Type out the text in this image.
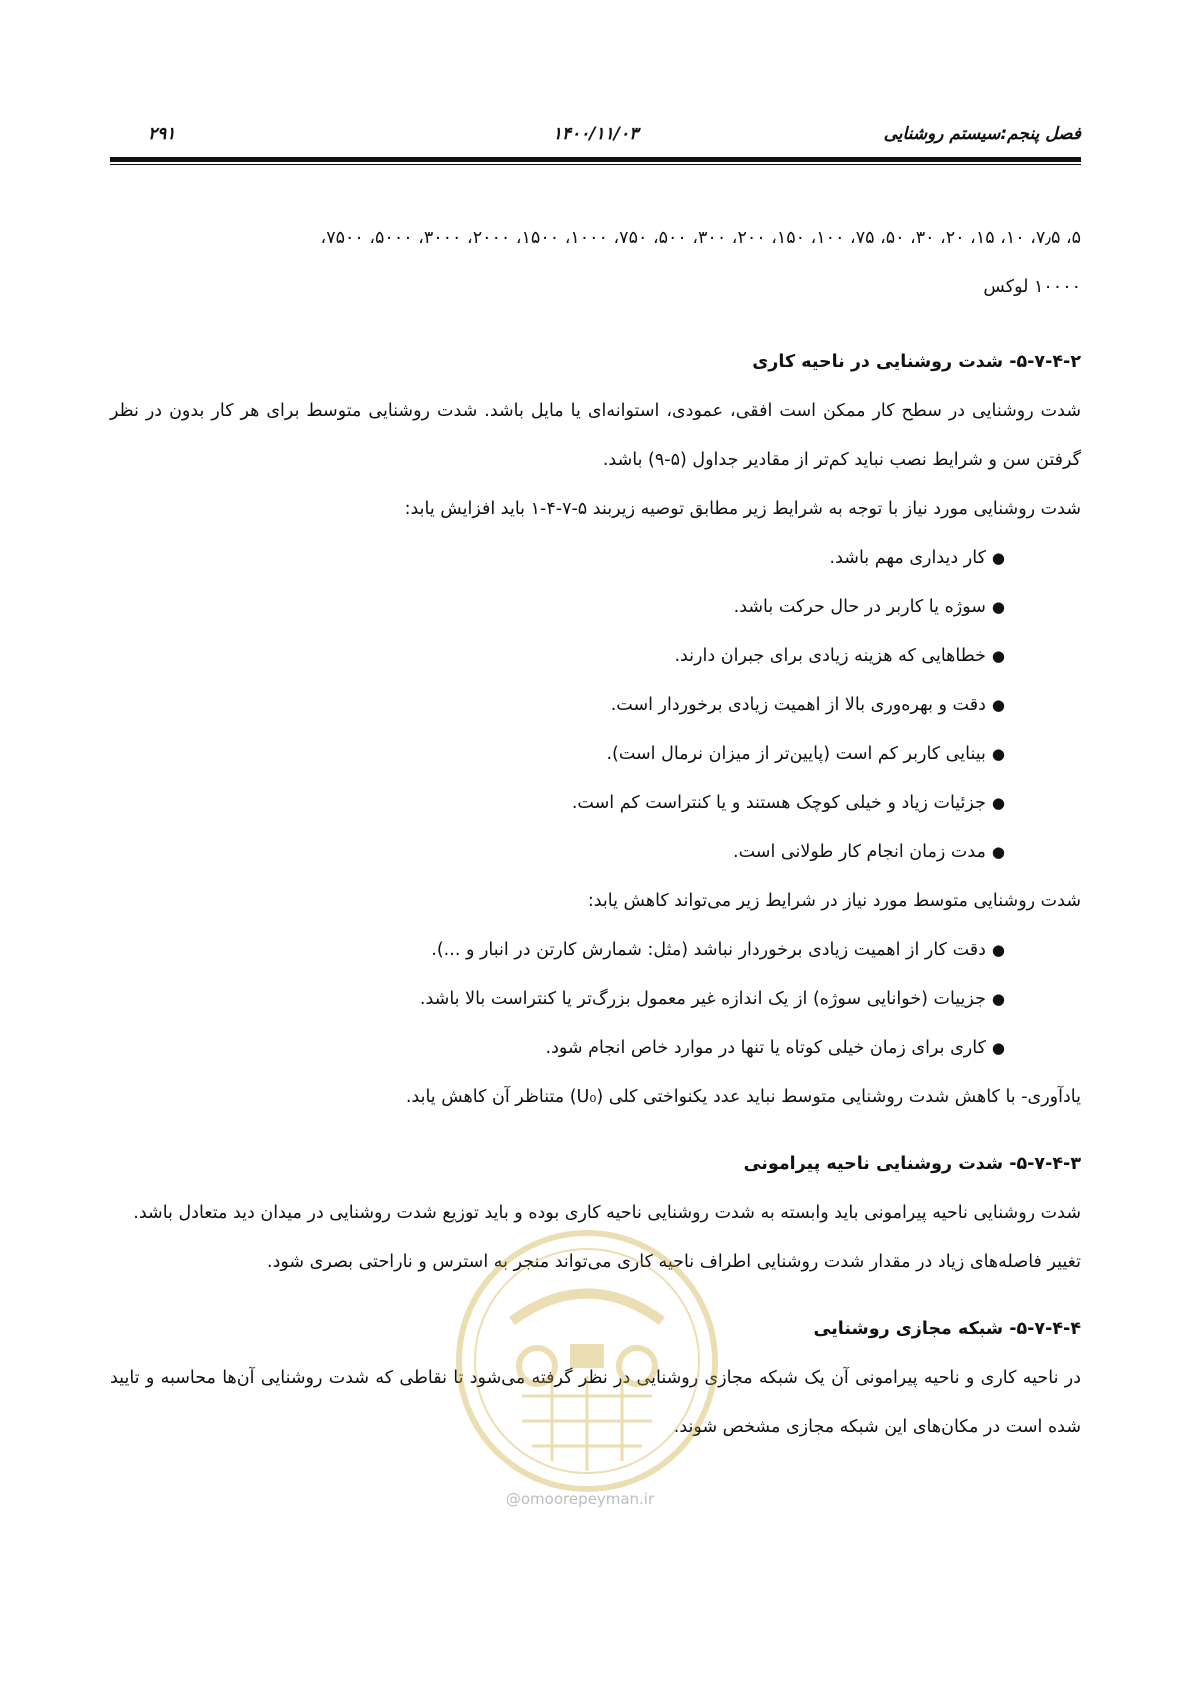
فصل پنجم:سیستم روشنایی
۱۴۰۰/۱۱/۰۳
۲۹۱

۵، ۷٫۵، ۱۰، ۱۵، ۲۰، ۳۰، ۵۰، ۷۵، ۱۰۰، ۱۵۰، ۲۰۰، ۳۰۰، ۵۰۰، ۷۵۰، ۱۰۰۰، ۱۵۰۰، ۲۰۰۰، ۳۰۰۰، ۵۰۰۰، ۷۵۰۰،

۱۰۰۰۰ لوکس

۵-۷-۴-۲- شدت روشنایی در ناحیه کاری

شدت روشنایی در سطح کار ممکن است افقی، عمودی، استوانه‌ای یا مایل باشد. شدت روشنایی متوسط برای هر کار بدون در نظر گرفتن سن و شرایط نصب نباید کم‌تر از مقادیر جداول (۵-۹) باشد.

شدت روشنایی مورد نیاز با توجه به شرایط زیر مطابق توصیه زیربند ۵-۷-۴-۱ باید افزایش یابد:

●کار دیداری مهم باشد.
●سوژه یا کاربر در حال حرکت باشد.
●خطاهایی که هزینه زیادی برای جبران دارند.
●دقت و بهره‌وری بالا از اهمیت زیادی برخوردار است.
●بینایی کاربر کم است (پایین‌تر از میزان نرمال است).
●جزئیات زیاد و خیلی کوچک هستند و یا کنتراست کم است.
●مدت زمان انجام کار طولانی است.

شدت روشنایی متوسط مورد نیاز در شرایط زیر می‌تواند کاهش یابد:

●دقت کار از اهمیت زیادی برخوردار نباشد (مثل: شمارش کارتن در انبار و ...).
●جزییات (خوانایی سوژه) از یک اندازه غیر معمول بزرگ‌تر یا کنتراست بالا باشد.
●کاری برای زمان خیلی کوتاه یا تنها در موارد خاص انجام شود.

یادآوری- با کاهش شدت روشنایی متوسط نباید عدد یکنواختی کلی (U₀) متناظر آن کاهش یابد.

۵-۷-۴-۳- شدت روشنایی ناحیه پیرامونی

شدت روشنایی ناحیه پیرامونی باید وابسته به شدت روشنایی ناحیه کاری بوده و باید توزیع شدت روشنایی در میدان دید متعادل باشد.

تغییر فاصله‌های زیاد در مقدار شدت روشنایی اطراف ناحیه کاری می‌تواند منجر به استرس و ناراحتی بصری شود.

۵-۷-۴-۴- شبکه مجازی روشنایی

در ناحیه کاری و ناحیه پیرامونی آن یک شبکه مجازی روشنایی در نظر گرفته می‌شود تا نقاطی که شدت روشنایی آن‌ها محاسبه و تایید شده است در مکان‌های این شبکه مجازی مشخص شوند.

@omoorepeyman.ir
